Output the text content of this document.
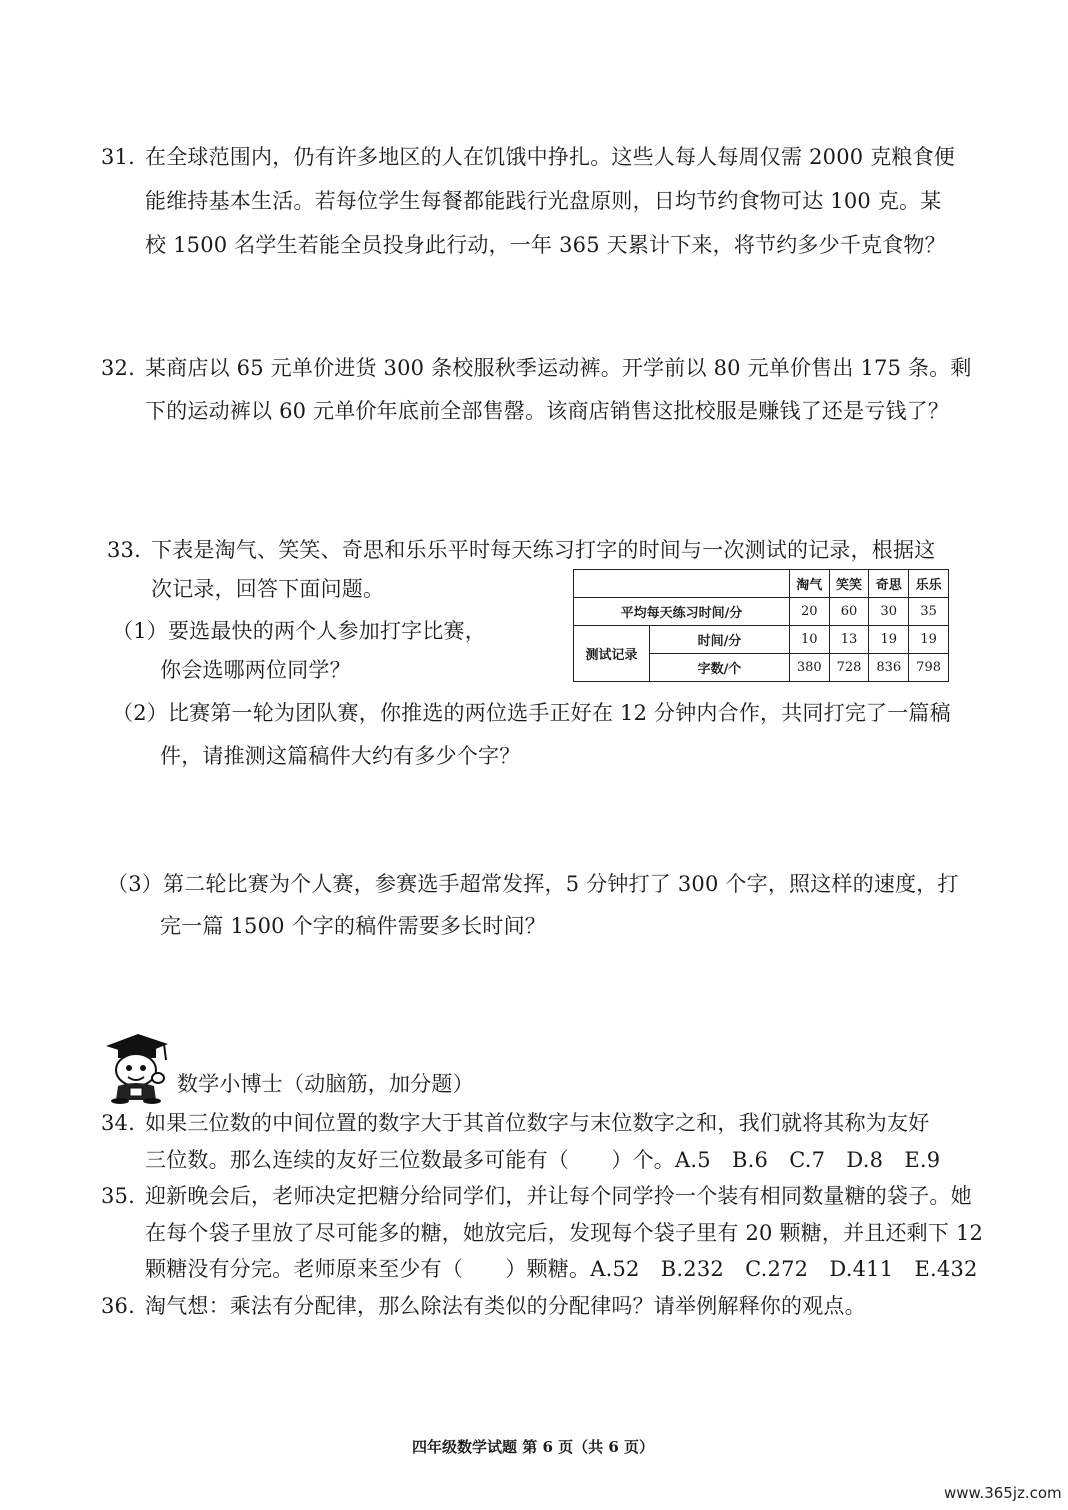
31. 在全球范围内，仍有许多地区的人在饥饿中挣扎。这些人每人每周仅需 2000 克粮食便
能维持基本生活。若每位学生每餐都能践行光盘原则，日均节约食物可达 100 克。某
校 1500 名学生若能全员投身此行动，一年 365 天累计下来，将节约多少千克食物？
32. 某商店以 65 元单价进货 300 条校服秋季运动裤。开学前以 80 元单价售出 175 条。剩
下的运动裤以 60 元单价年底前全部售罄。该商店销售这批校服是赚钱了还是亏钱了？
33. 下表是淘气、笑笑、奇思和乐乐平时每天练习打字的时间与一次测试的记录，根据这
次记录，回答下面问题。
（1）要选最快的两个人参加打字比赛，
你会选哪两位同学？
		淘气	笑笑	奇思	乐乐
平均每天练习时间/分		20	60	30	35
测试记录	时间/分	10	13	19	19
	字数/个	380	728	836	798
（2）比赛第一轮为团队赛，你推选的两位选手正好在 12 分钟内合作，共同打完了一篇稿
件，请推测这篇稿件大约有多少个字？
（3）第二轮比赛为个人赛，参赛选手超常发挥，5 分钟打了 300 个字，照这样的速度，打
完一篇 1500 个字的稿件需要多长时间？
数学小博士（动脑筋，加分题）
34. 如果三位数的中间位置的数字大于其首位数字与末位数字之和，我们就将其称为友好
三位数。那么连续的友好三位数最多可能有（　　）个。A.5　B.6　C.7　D.8　E.9
35. 迎新晚会后，老师决定把糖分给同学们，并让每个同学拎一个装有相同数量糖的袋子。她
在每个袋子里放了尽可能多的糖，她放完后，发现每个袋子里有 20 颗糖，并且还剩下 12
颗糖没有分完。老师原来至少有（　　）颗糖。A.52　B.232　C.272　D.411　E.432
36. 淘气想：乘法有分配律，那么除法有类似的分配律吗？请举例解释你的观点。
四年级数学试题 第 6 页（共 6 页）
www.365jz.com
